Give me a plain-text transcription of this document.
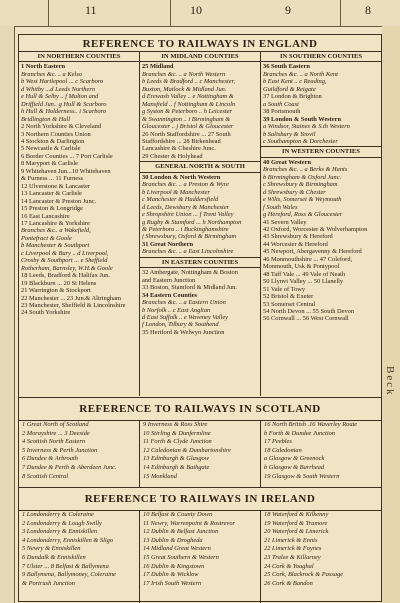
11	10	9	8
Beck
REFERENCE TO RAILWAYS IN ENGLAND
IN NORTHERN COUNTIES
1 North Eastern
Branches &c. .. a Kelso
b West Hartlepool ... c Scarboro
d Whitby ...d Leeds Northern
e Hull & Selby .. f Malton and
Driffield Jun.. g Hull & Scarboro
h Hull & Holderness.. i Scarboro
Bridlington & Hull
2 North Yorkshire & Cleveland
3 Northern Counties Union
4 Stockton & Darlington
5 Newcastle & Carlisle
6 Border Counties ... 7 Port Carlisle
8 Maryport & Carlisle
9 Whitehaven Jun...10 Whitehaven
& Furness ... 11 Furness
12 Ulverstone & Lancaster
13 Lancaster & Carlisle
14 Lancaster & Preston Junc.
15 Preston & Longridge
16 East Lancashire
17 Lancashire & Yorkshire
Branches &c.. a Wakefield,
Pontefract & Goole
b Manchester & Southport
c Liverpool & Bury .. d Liverpool,
Crosby & Southport ... e Sheffield
Rotherham, Barnsley, W.H.& Goole
18 Leeds, Bradford & Halifax Jun.
19 Blackburn ... 20 St Helens
21 Warrington & Stockport
22 Manchester ... 23 Jun.& Altringham
23 Manchester, Sheffield & Lincolnshire
24 South Yorkshire
IN MIDLAND COUNTIES
25 Midland
Branches &c. .. a North Western
b Leeds & Bradford .. c Manchester,
Buxton, Matlock & Midland Jun.
d Erewash Valley .. e Nottingham &
Mansfield .. f Nottingham & Lincoln
g Syston & Peterboro .. h Leicester
& Swannington .. i Birmingham &
Gloucester .. j Bristol & Gloucester
26 North Staffordshire ... 27 South
Staffordshire ... 28 Birkenhead
Lancashire & Cheshire Junc.
29 Chester & Holyhead
GENERAL NORTH & SOUTH
30 London & North Western
Branches &c. .. a Preston & Wyre
b Liverpool & Manchester
c Manchester & Huddersfield
d Leeds, Dewsbury & Manchester
e Shropshire Union ... f Trent Valley
g Rugby & Stamford ... h Northampton
& Peterboro .. i Buckinghamshire
j Shrewsbury, Oxford & Birmingham
31 Great Northern
Branches &c. .. a East Lincolnshire
IN EASTERN COUNTIES
32 Ambergate, Nottingham & Boston
and Eastern Junction
33 Boston, Stamford & Midland Jun.
34 Eastern Counties
Branches &c. .. a Eastern Union
b Norfolk .. c East Anglian
d East Suffolk .. e Waveney Valley
f London, Tilbury & Southend
35 Hertford & Welwyn Junction
IN SOUTHERN COUNTIES
36 South Eastern
Branches &c. .. a North Kent
b East Kent .. c Reading,
Guildford & Reigate
37 London & Brighton
a South Coast
38 Portsmouth
39 London & South Western
a Windsor, Staines & S.th Western
b Salisbury & Yeovil
c Southampton & Dorchester
IN WESTERN COUNTIES
40 Great Western
Branches &c. .. a Berks & Hants
b Birmingham & Oxford Junc.
c Shrewsbury & Birmingham
d Shrewsbury & Chester
e Wilts, Somerset & Weymouth
f South Wales
g Hereford, Ross & Gloucester
41 Severn Valley
42 Oxford, Worcester & Wolverhampton
43 Shrewsbury & Hereford
44 Worcester & Hereford
45 Newport, Abergavenny & Hereford
46 Monmouthshire ... 47 Coleford,
Monmouth, Usk & Pontypool
48 Taff Vale ... 49 Vale of Neath
50 Llynvi Valley ... 50 Llanelly
51 Vale of Towy
52 Bristol & Exeter
53 Somerset Central
54 North Devon ... 55 South Devon
56 Cornwall ... 56 West Cornwall
REFERENCE TO RAILWAYS IN SCOTLAND
1 Great North of Scotland
2 Morayshire ... 3 Deeside
4 Scottish North Eastern
5 Inverness & Perth Junction
6 Dundee & Arbroath
7 Dundee & Perth & Aberdeen Junc.
8 Scottish Central
9 Inverness & Ross Shire
10 Stirling & Dunfermline
11 Forth & Clyde Junction
12 Caledonian & Dumbartonshire
13 Edinburgh & Glasgow
14 Edinburgh & Bathgate
15 Monkland
16 North British .16 Waverley Route
b Forth & Dundee Junction
17 Peebles
18 Caledonian
a Glasgow & Greenock
b Glasgow & Barrhead
19 Glasgow & South Western
REFERENCE TO RAILWAYS IN IRELAND
1 Londonderry & Coleraine
2 Londonderry & Lough Swilly
3 Londonderry & Enniskillen
4 Londonderry, Enniskillen & Sligo
5 Newry & Enniskillen
6 Dundalk & Enniskillen
7 Ulster ... 8 Belfast & Ballymena
9 Ballymena, Ballymoney, Coleraine
& Portrush Junction
10 Belfast & County Down
11 Newry, Warrenpoint & Rostrevor
12 Dublin & Belfast Junction
13 Dublin & Drogheda
14 Midland Great Western
15 Great Southern & Western
16 Dublin & Kingstown
17 Dublin & Wicklow
17 Irish South Western
18 Waterford & Kilkenny
19 Waterford & Tramore
20 Waterford & Limerick
21 Limerick & Ennis
22 Limerick & Foynes
23 Tralee & Killarney
24 Cork & Youghal
25 Cork, Blackrock & Passage
26 Cork & Bandon
